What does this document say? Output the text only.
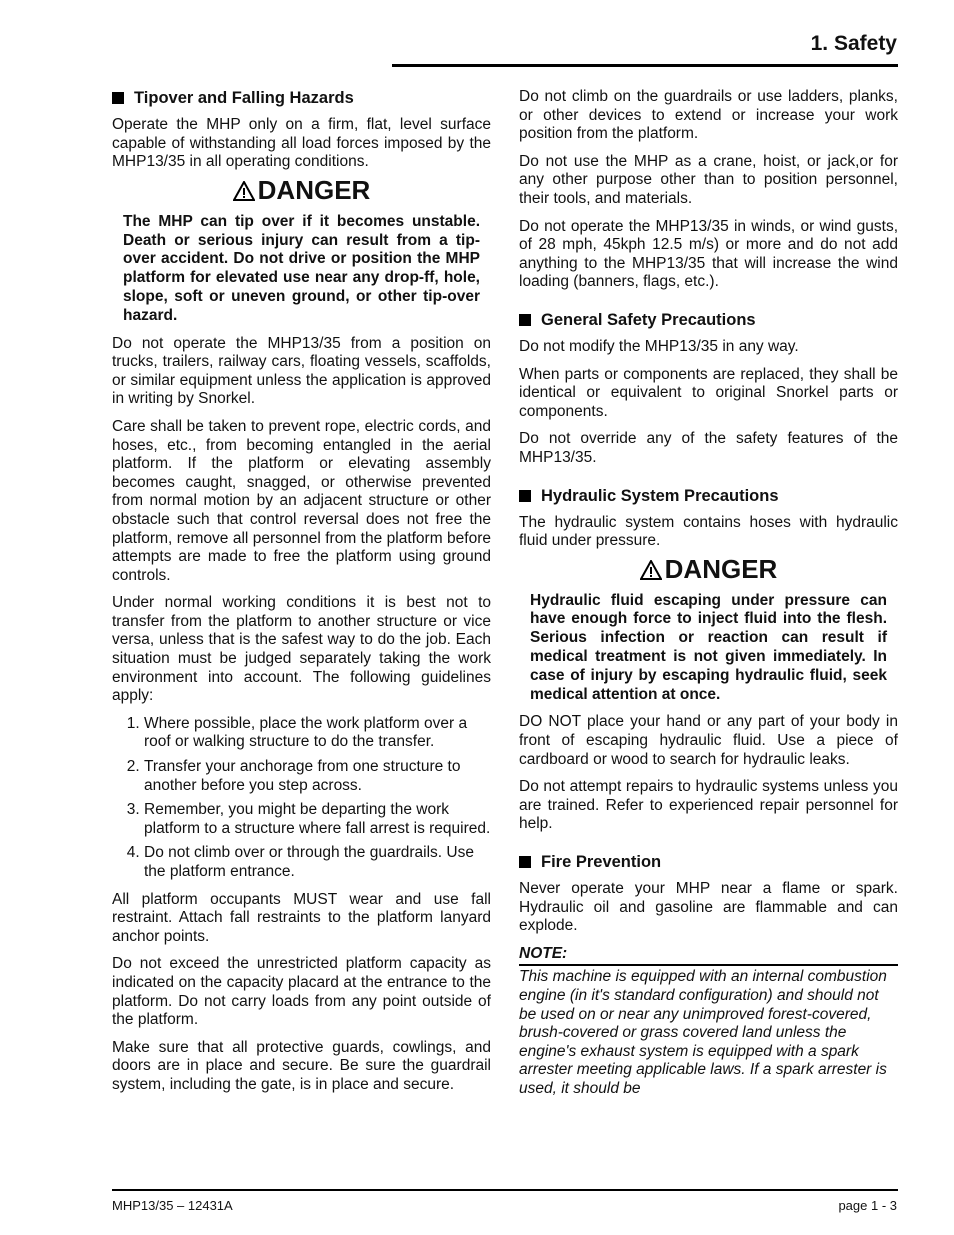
1. Safety
Tipover and Falling Hazards

Operate the MHP only on a firm, flat, level surface capable of withstanding all load forces imposed by the MHP13/35 in all operating conditions.

DANGER

The MHP can tip over if it becomes unstable. Death or serious injury can result from a tip-over accident. Do not drive or position the MHP platform for elevated use near any drop-ff, hole, slope, soft or uneven ground, or other tip-over hazard.

Do not operate the MHP13/35 from a position on trucks, trailers, railway cars, floating vessels, scaffolds, or similar equipment unless the application is approved in writing by Snorkel.

Care shall be taken to prevent rope, electric cords, and hoses, etc., from becoming entangled in the aerial platform. If the platform or elevating assembly becomes caught, snagged, or otherwise prevented from normal motion by an adjacent structure or other obstacle such that control reversal does not free the platform, remove all personnel from the platform before attempts are made to free the platform using ground controls.

Under normal working conditions it is best not to transfer from the platform to another structure or vice versa, unless that is the safest way to do the job. Each situation must be judged separately taking the work environment into account. The following guidelines apply:

1. Where possible, place the work platform over a roof or walking structure to do the transfer.
2. Transfer your anchorage from one structure to another before you step across.
3. Remember, you might be departing the work platform to a structure where fall arrest is required.
4. Do not climb over or through the guardrails. Use the platform entrance.

All platform occupants MUST wear and use fall restraint. Attach fall restraints to the platform lanyard anchor points.

Do not exceed the unrestricted platform capacity as indicated on the capacity placard at the entrance to the platform. Do not carry loads from any point outside of the platform.

Make sure that all protective guards, cowlings, and doors are in place and secure. Be sure the guardrail system, including the gate, is in place and secure.

Do not climb on the guardrails or use ladders, planks, or other devices to extend or increase your work position from the platform.

Do not use the MHP as a crane, hoist, or jack,or for any other purpose other than to position personnel, their tools, and materials.

Do not operate the MHP13/35 in winds, or wind gusts, of 28 mph, 45kph 12.5 m/s) or more and do not add anything to the MHP13/35 that will increase the wind loading (banners, flags, etc.).

General Safety Precautions

Do not modify the MHP13/35 in any way.

When parts or components are replaced, they shall be identical or equivalent to original Snorkel parts or components.

Do not override any of the safety features of the MHP13/35.

Hydraulic System Precautions

The hydraulic system contains hoses with hydraulic fluid under pressure.

DANGER

Hydraulic fluid escaping under pressure can have enough force to inject fluid into the flesh. Serious infection or reaction can result if medical treatment is not given immediately. In case of injury by escaping hydraulic fluid, seek medical attention at once.

DO NOT place your hand or any part of your body in front of escaping hydraulic fluid. Use a piece of cardboard or wood to search for hydraulic leaks.

Do not attempt repairs to hydraulic systems unless you are trained. Refer to experienced repair personnel for help.

Fire Prevention

Never operate your MHP near a flame or spark. Hydraulic oil and gasoline are flammable and can explode.

NOTE:

This machine is equipped with an internal combustion engine (in it's standard configuration) and should not be used on or near any unimproved forest-covered, brush-covered or grass covered land unless the engine's exhaust system is equipped with a spark arrester meeting applicable laws. If a spark arrester is used, it should be

MHP13/35 – 12431A	page 1 - 3
